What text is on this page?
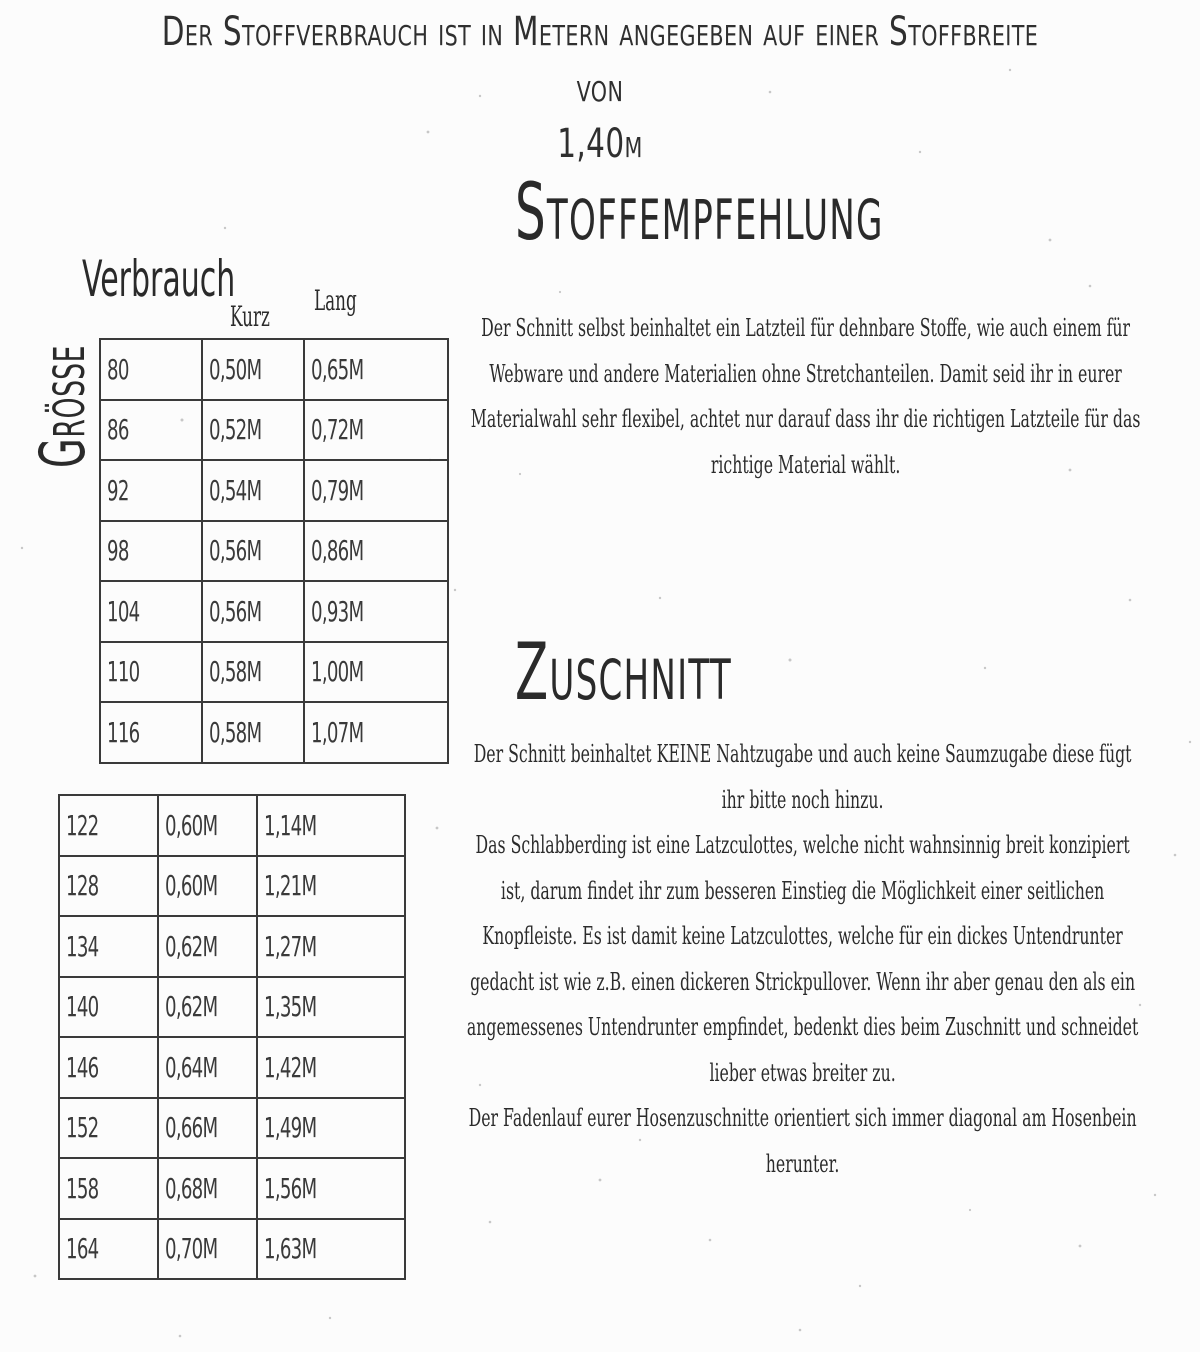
Der Stoffverbrauch ist in Metern angegeben auf einer Stoffbreite von
1,40m
Verbrauch
Kurz Lang
Größe 80	0,50M	0,65M
86	0,52M	0,72M
92	0,54M	0,79M
98	0,56M	0,86M
104	0,56M	0,93M
110	0,58M	1,00M
116	0,58M	1,07M
122	0,60M	1,14M
128	0,60M	1,21M
134	0,62M	1,27M
140	0,62M	1,35M
146	0,64M	1,42M
152	0,66M	1,49M
158	0,68M	1,56M
164	0,70M	1,63M
Stoffempfehlung

Der Schnitt selbst beinhaltet ein Latzteil für dehnbare Stoffe, wie auch einem für Webware und andere Materialien ohne Stretchanteilen. Damit seid ihr in eurer Materialwahl sehr flexibel, achtet nur darauf dass ihr die richtigen Latzteile für das richtige Material wählt.

Zuschnitt

Der Schnitt beinhaltet KEINE Nahtzugabe und auch keine Saumzugabe diese fügt ihr bitte noch hinzu.

Das Schlabberding ist eine Latzculottes, welche nicht wahnsinnig breit konzipiert ist, darum findet ihr zum besseren Einstieg die Möglichkeit einer seitlichen Knopfleiste. Es ist damit keine Latzculottes, welche für ein dickes Untendrunter gedacht ist wie z.B. einen dickeren Strickpullover. Wenn ihr aber genau den als ein angemessenes Untendrunter empfindet, bedenkt dies beim Zuschnitt und schneidet lieber etwas breiter zu.

Der Fadenlauf eurer Hosenzuschnitte orientiert sich immer diagonal am Hosenbein herunter.
